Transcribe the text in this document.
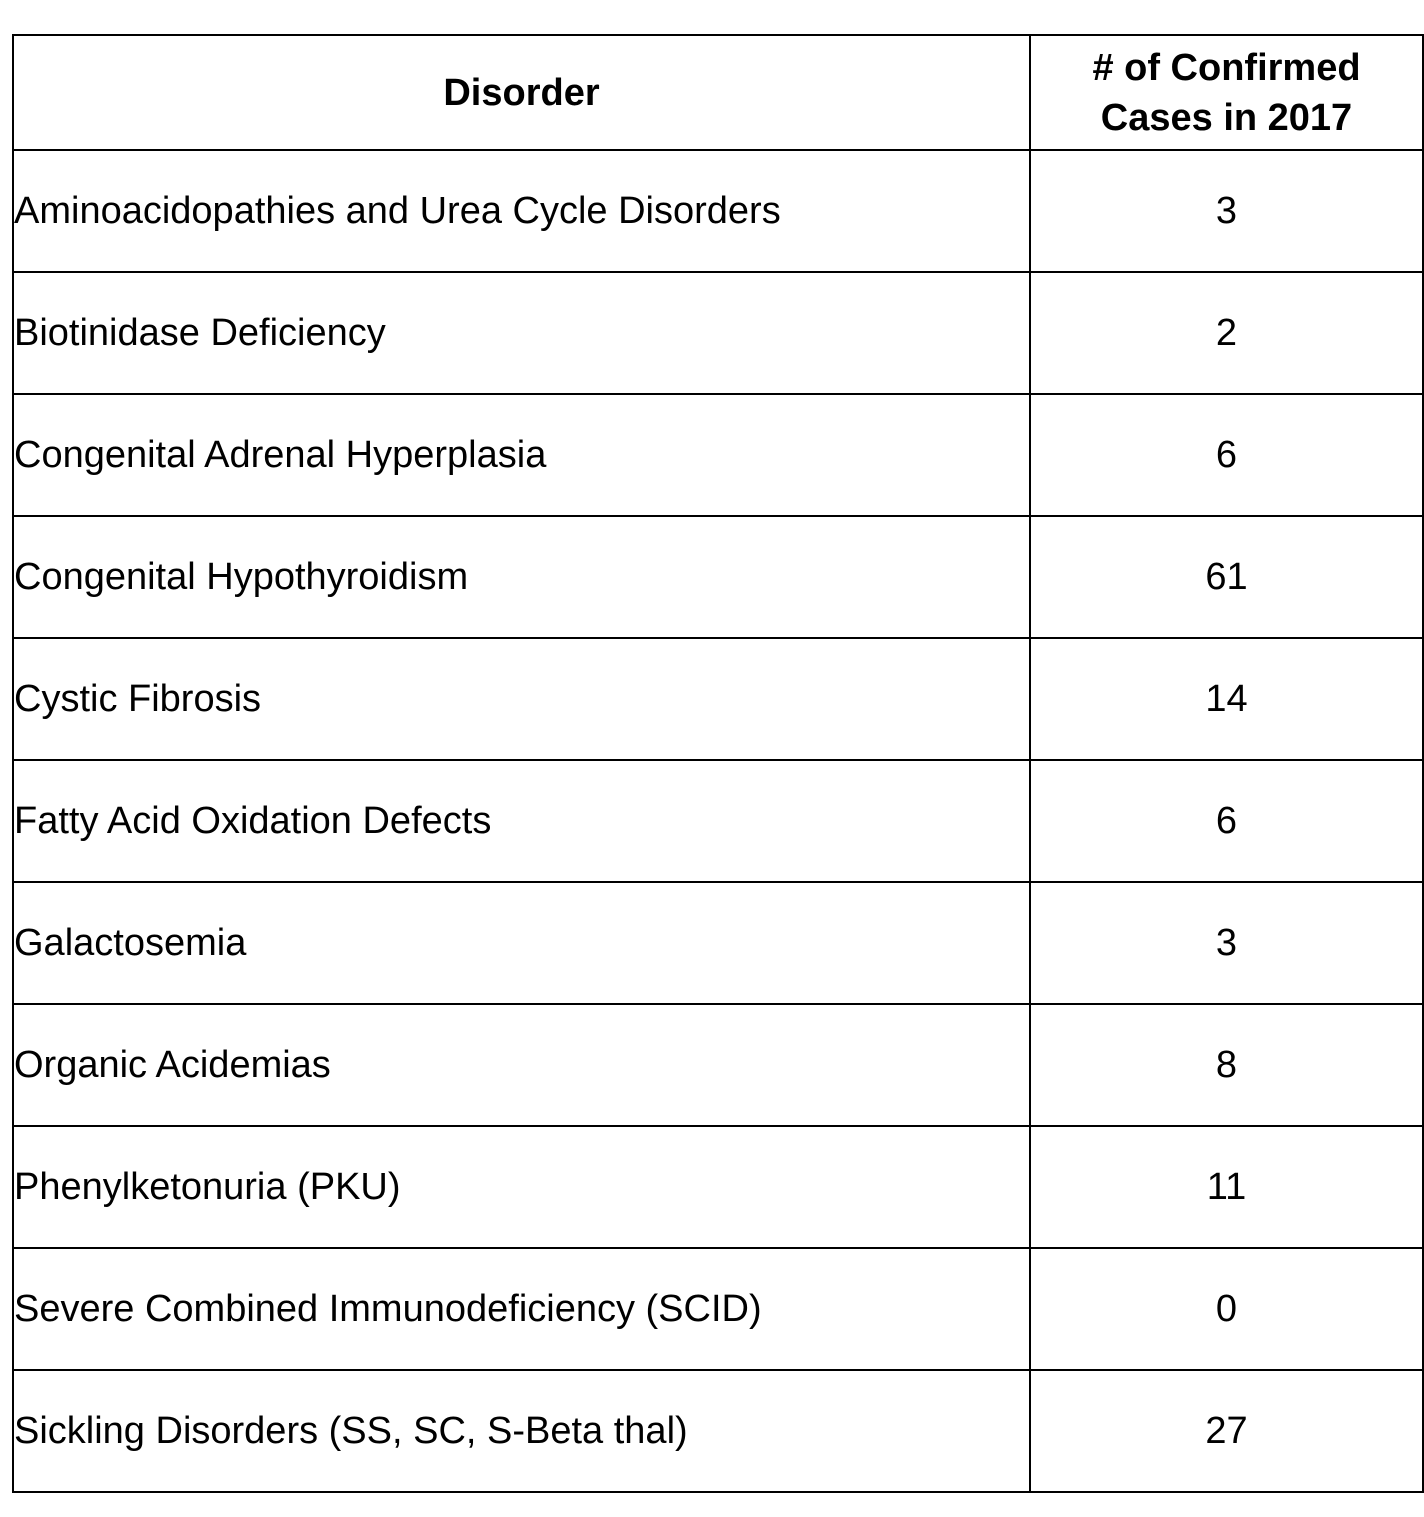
Disorder	# of Confirmed
Cases in 2017

Aminoacidopathies and Urea Cycle Disorders	3
Biotinidase Deficiency	2
Congenital Adrenal Hyperplasia	6
Congenital Hypothyroidism	61
Cystic Fibrosis	14
Fatty Acid Oxidation Defects	6
Galactosemia	3
Organic Acidemias	8
Phenylketonuria (PKU)	11
Severe Combined Immunodeficiency (SCID)	0
Sickling Disorders (SS, SC, S-Beta thal)	27
